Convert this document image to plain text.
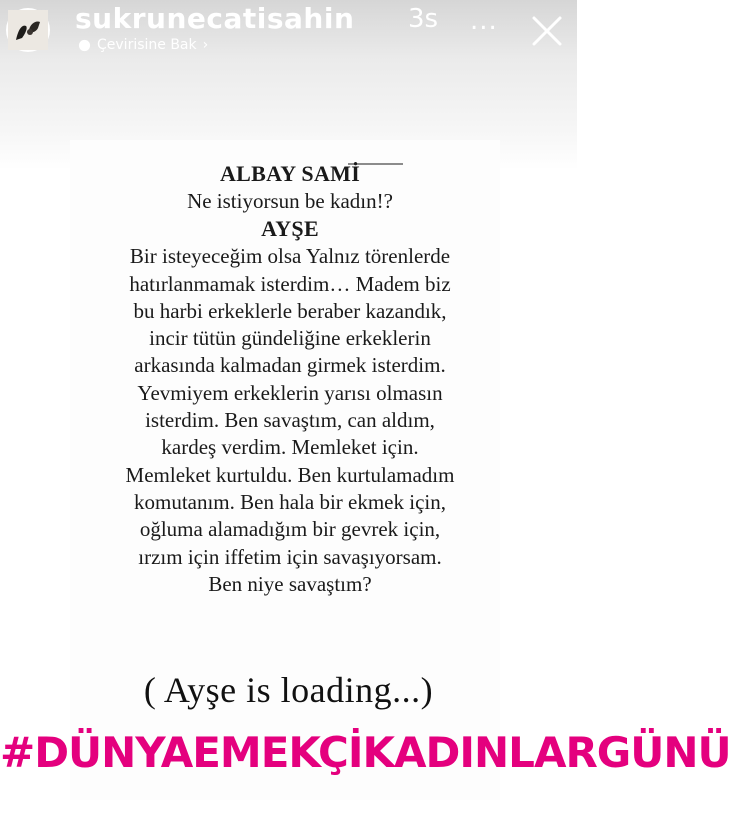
sukrunecatisahin 3s ...
Çevirisine Bak ›
ALBAY SAMİ
Ne istiyorsun be kadın!?
AYŞE
Bir isteyeceğim olsa Yalnız törenlerde
hatırlanmamak isterdim… Madem biz
bu harbi erkeklerle beraber kazandık,
incir tütün gündeliğine erkeklerin
arkasında kalmadan girmek isterdim.
Yevmiyem erkeklerin yarısı olmasın
isterdim. Ben savaştım, can aldım,
kardeş verdim. Memleket için.
Memleket kurtuldu. Ben kurtulamadım
komutanım. Ben hala bir ekmek için,
oğluma alamadığım bir gevrek için,
ırzım için iffetim için savaşıyorsam.
Ben niye savaştım?
( Ayşe is loading...)
#DÜNYAEMEKÇİKADINLARGÜNÜ
